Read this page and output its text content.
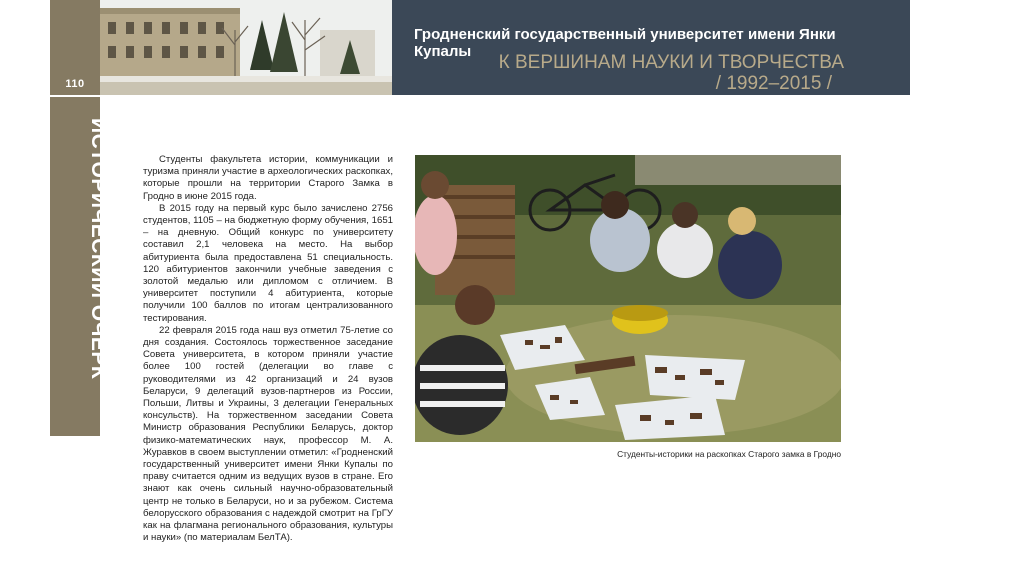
110
ИСТОРИЧЕСКИЙ ОЧЕРК
Гродненский государственный университет имени Янки Купалы
К ВЕРШИНАМ НАУКИ И ТВОРЧЕСТВА
/ 1992–2015 /

Студенты факультета истории, коммуникации и туризма приняли участие в археологических раскопках, которые прошли на территории Старого Замка в Гродно в июне 2015 года.

В 2015 году на первый курс было зачислено 2756 студентов, 1105 – на бюджетную форму обучения, 1651 – на дневную. Общий конкурс по университету составил 2,1 человека на место. На выбор абитуриента была предоставлена 51 специальность. 120 абитуриентов закончили учебные заведения с золотой медалью или дипломом с отличием. В университет поступили 4 абитуриента, которые получили 100 баллов по итогам централизованного тестирования.

22 февраля 2015 года наш вуз отметил 75-летие со дня создания. Состоялось торжественное заседание Совета университета, в котором приняли участие более 100 гостей (делегации во главе с руководителями из 42 организаций и 24 вузов Беларуси, 9 делегаций вузов-партнеров из России, Польши, Литвы и Украины, 3 делегации Генеральных консульств). На торжественном заседании Совета Министр образования Республики Беларусь, доктор физико-математических наук, профессор М. А. Журавков в своем выступлении отметил: «Гродненский государственный университет имени Янки Купалы по праву считается одним из ведущих вузов в стране. Его знают как очень сильный научно-образовательный центр не только в Беларуси, но и за рубежом. Система белорусского образования с надеждой смотрит на ГрГУ как на флагмана регионального образования, культуры и науки» (по материалам БелТА).

Студенты-историки на раскопках Старого замка в Гродно
